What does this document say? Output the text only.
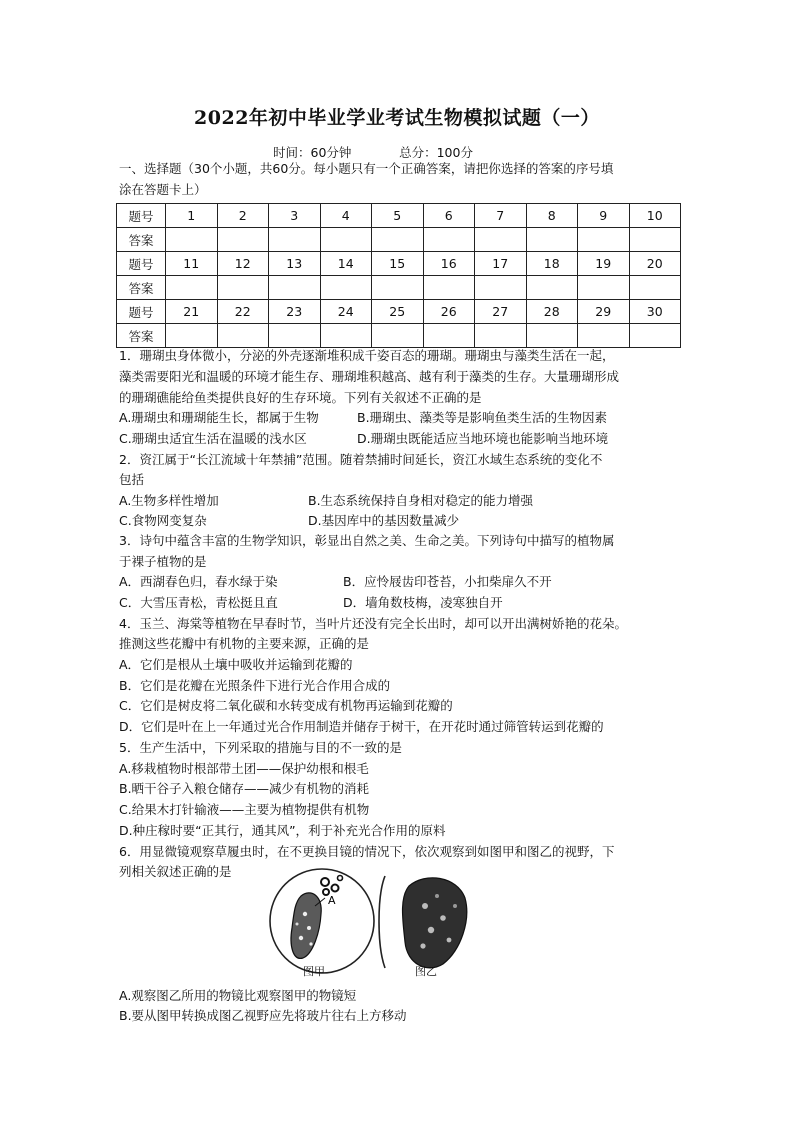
2022年初中毕业学业考试生物模拟试题（一）
时间：60分钟	总分：100分
一、选择题（30个小题，共60分。每小题只有一个正确答案，请把你选择的答案的序号填
涂在答题卡上）
题号	1	2	3	4	5	6	7	8	9	10
答案										
题号	11	12	13	14	15	16	17	18	19	20
答案										
题号	21	22	23	24	25	26	27	28	29	30
答案										
1．珊瑚虫身体微小，分泌的外壳逐渐堆积成千姿百态的珊瑚。珊瑚虫与藻类生活在一起，
藻类需要阳光和温暖的环境才能生存、珊瑚堆积越高、越有利于藻类的生存。大量珊瑚形成
的珊瑚礁能给鱼类提供良好的生存环境。下列有关叙述不正确的是
A.珊瑚虫和珊瑚能生长，都属于生物	B.珊瑚虫、藻类等是影响鱼类生活的生物因素
C.珊瑚虫适宜生活在温暖的浅水区	D.珊瑚虫既能适应当地环境也能影响当地环境
2．资江属于“长江流域十年禁捕”范围。随着禁捕时间延长，资江水域生态系统的变化不
包括
A.生物多样性增加	B.生态系统保持自身相对稳定的能力增强
C.食物网变复杂	D.基因库中的基因数量减少
3．诗句中蕴含丰富的生物学知识，彰显出自然之美、生命之美。下列诗句中描写的植物属
于裸子植物的是
A．西湖春色归，春水绿于染	B．应怜屐齿印苍苔，小扣柴扉久不开
C．大雪压青松，青松挺且直	D．墙角数枝梅，凌寒独自开
4．玉兰、海棠等植物在早春时节，当叶片还没有完全长出时，却可以开出满树娇艳的花朵。
推测这些花瓣中有机物的主要来源，正确的是
A．它们是根从土壤中吸收并运输到花瓣的
B．它们是花瓣在光照条件下进行光合作用合成的
C．它们是树皮将二氧化碳和水转变成有机物再运输到花瓣的
D．它们是叶在上一年通过光合作用制造并储存于树干，在开花时通过筛管转运到花瓣的
5．生产生活中，下列采取的措施与目的不一致的是
A.移栽植物时根部带土团——保护幼根和根毛
B.晒干谷子入粮仓储存——减少有机物的消耗
C.给果木打针输液——主要为植物提供有机物
D.种庄稼时要“正其行，通其风”，利于补充光合作用的原料
6．用显微镜观察草履虫时，在不更换目镜的情况下，依次观察到如图甲和图乙的视野，下
列相关叙述正确的是
A
图甲	图乙
A.观察图乙所用的物镜比观察图甲的物镜短
B.要从图甲转换成图乙视野应先将玻片往右上方移动
